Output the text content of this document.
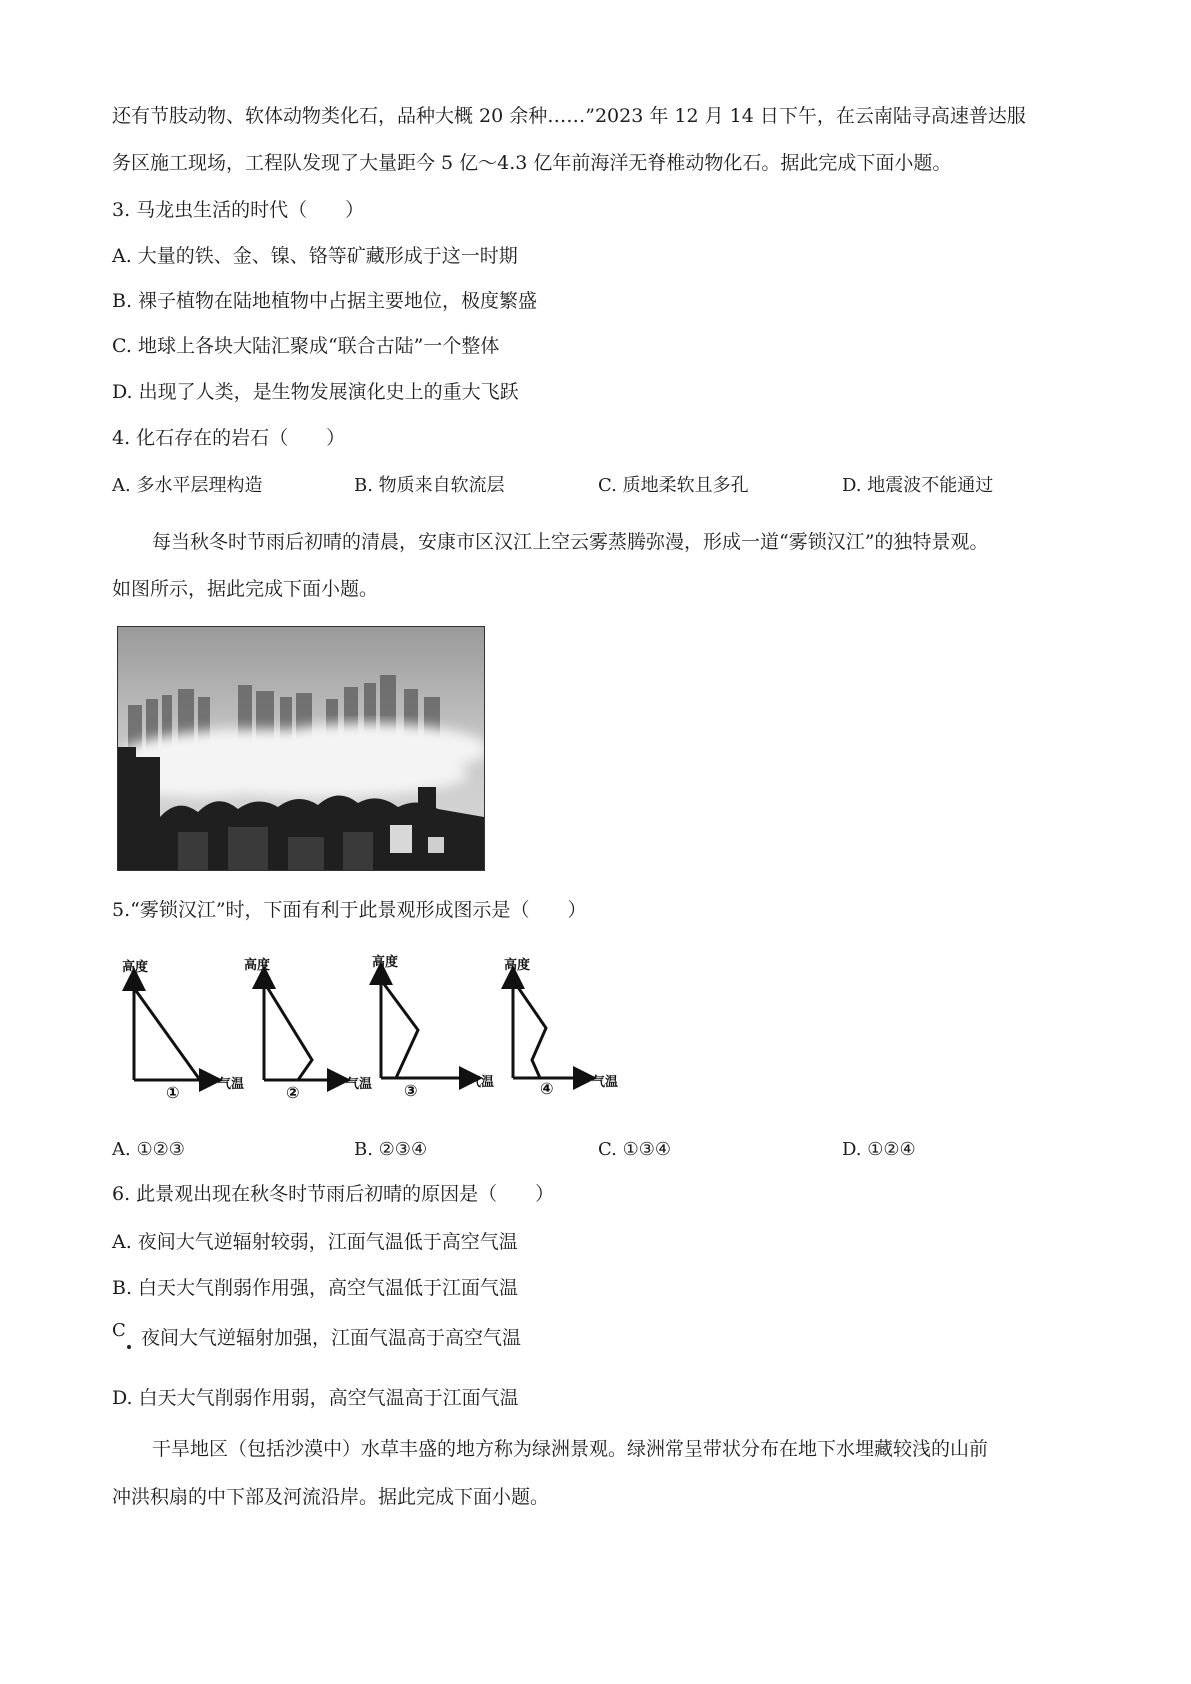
还有节肢动物、软体动物类化石，品种大概 20 余种……”2023 年 12 月 14 日下午，在云南陆寻高速普达服
务区施工现场，工程队发现了大量距今 5 亿～4.3 亿年前海洋无脊椎动物化石。据此完成下面小题。
3. 马龙虫生活的时代（　　）
A. 大量的铁、金、镍、铬等矿藏形成于这一时期
B. 裸子植物在陆地植物中占据主要地位，极度繁盛
C. 地球上各块大陆汇聚成“联合古陆”一个整体
D. 出现了人类，是生物发展演化史上的重大飞跃
4. 化石存在的岩石（　　）
A. 多水平层理构造	B. 物质来自软流层	C. 质地柔软且多孔	D. 地震波不能通过
每当秋冬时节雨后初晴的清晨，安康市区汉江上空云雾蒸腾弥漫，形成一道“雾锁汉江”的独特景观。
如图所示，据此完成下面小题。
5.“雾锁汉江”时，下面有利于此景观形成图示是（　　）
高度
气温
①
高度
气温
②
高度
气温
③
高度
气温
④
A. ①②③	B. ②③④	C. ①③④	D. ①②④
6. 此景观出现在秋冬时节雨后初晴的原因是（　　）
A. 夜间大气逆辐射较弱，江面气温低于高空气温
B. 白天大气削弱作用强，高空气温低于江面气温
C 夜间大气逆辐射加强，江面气温高于高空气温
D. 白天大气削弱作用弱，高空气温高于江面气温
干旱地区（包括沙漠中）水草丰盛的地方称为绿洲景观。绿洲常呈带状分布在地下水埋藏较浅的山前
冲洪积扇的中下部及河流沿岸。据此完成下面小题。
